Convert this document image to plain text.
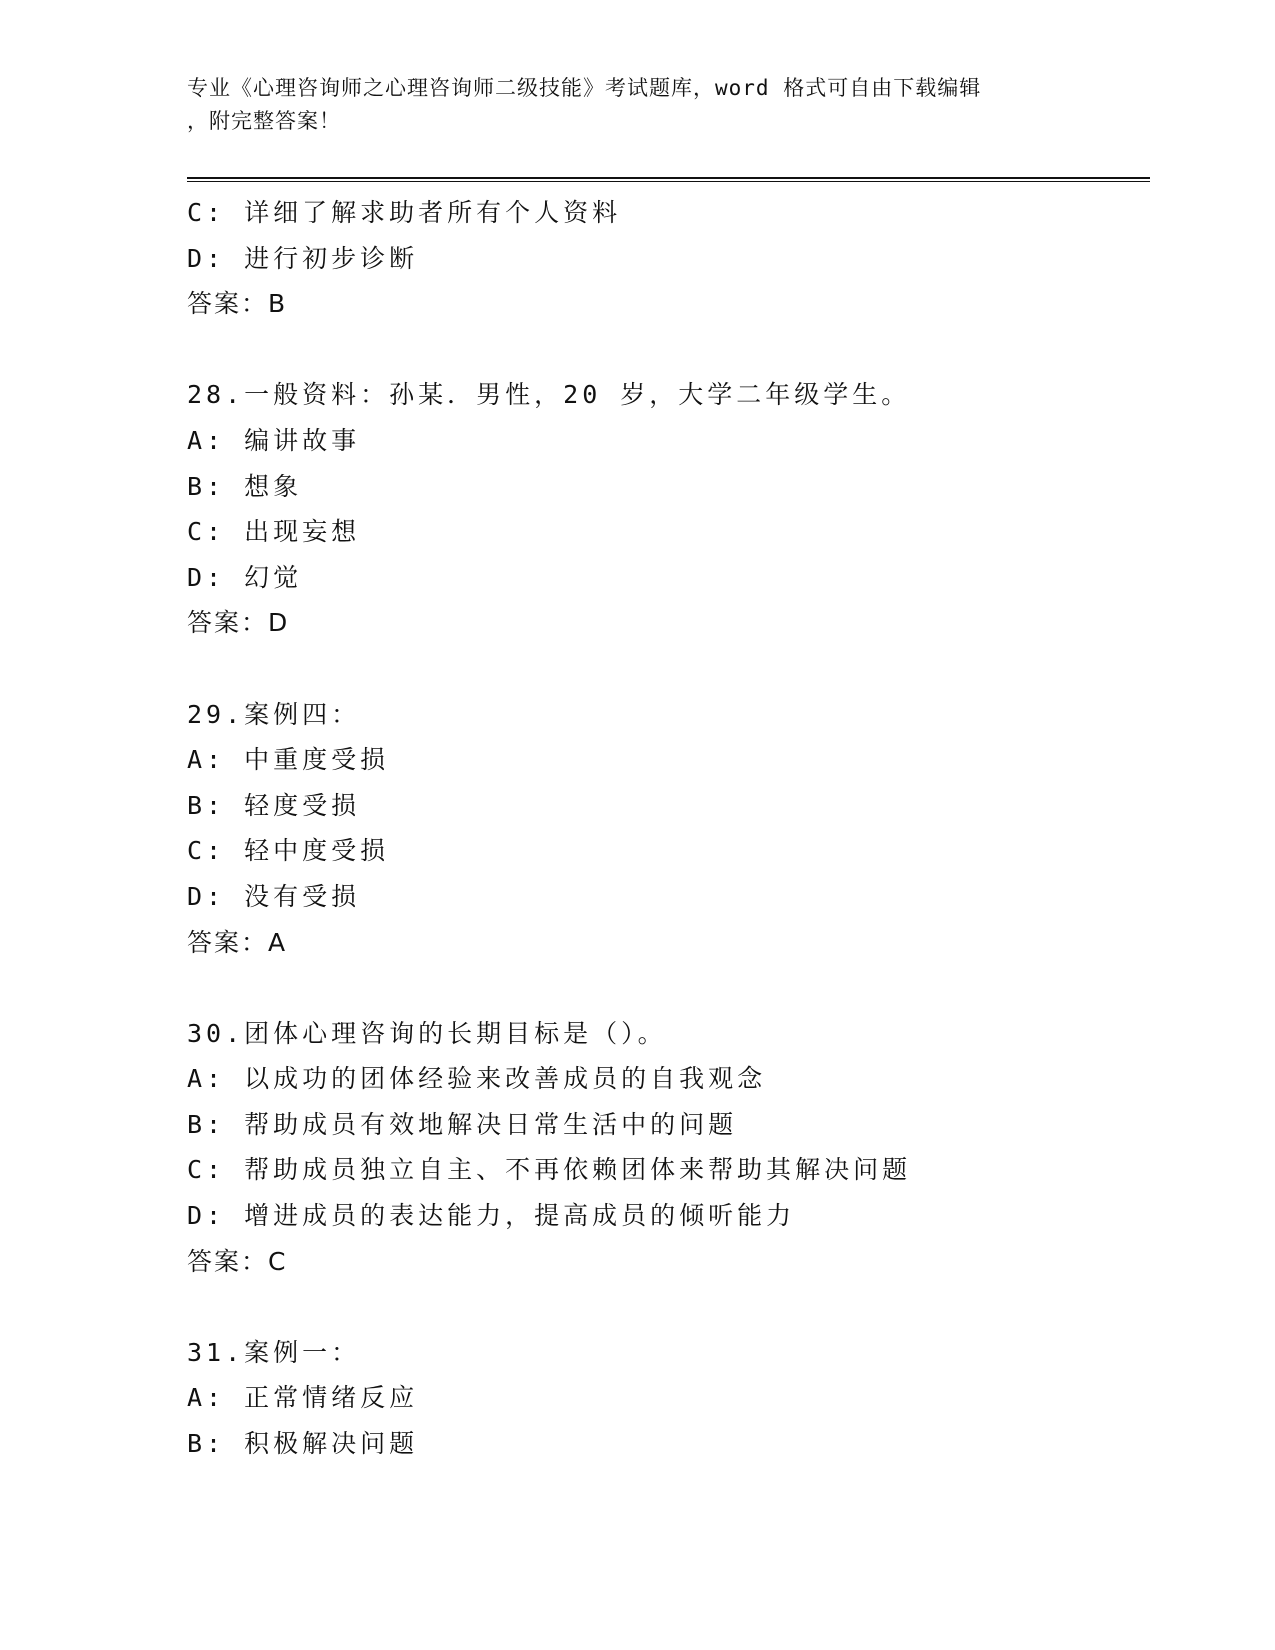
专业《心理咨询师之心理咨询师二级技能》考试题库，word 格式可自由下载编辑
，附完整答案！
C: 详细了解求助者所有个人资料
D: 进行初步诊断
答案：B
28.一般资料：孙某．男性，20 岁，大学二年级学生。
A: 编讲故事
B: 想象
C: 出现妄想
D: 幻觉
答案：D
29.案例四：
A: 中重度受损
B: 轻度受损
C: 轻中度受损
D: 没有受损
答案：A
30.团体心理咨询的长期目标是（）。
A: 以成功的团体经验来改善成员的自我观念
B: 帮助成员有效地解决日常生活中的问题
C: 帮助成员独立自主、不再依赖团体来帮助其解决问题
D: 增进成员的表达能力，提高成员的倾听能力
答案：C
31.案例一：
A: 正常情绪反应
B: 积极解决问题
